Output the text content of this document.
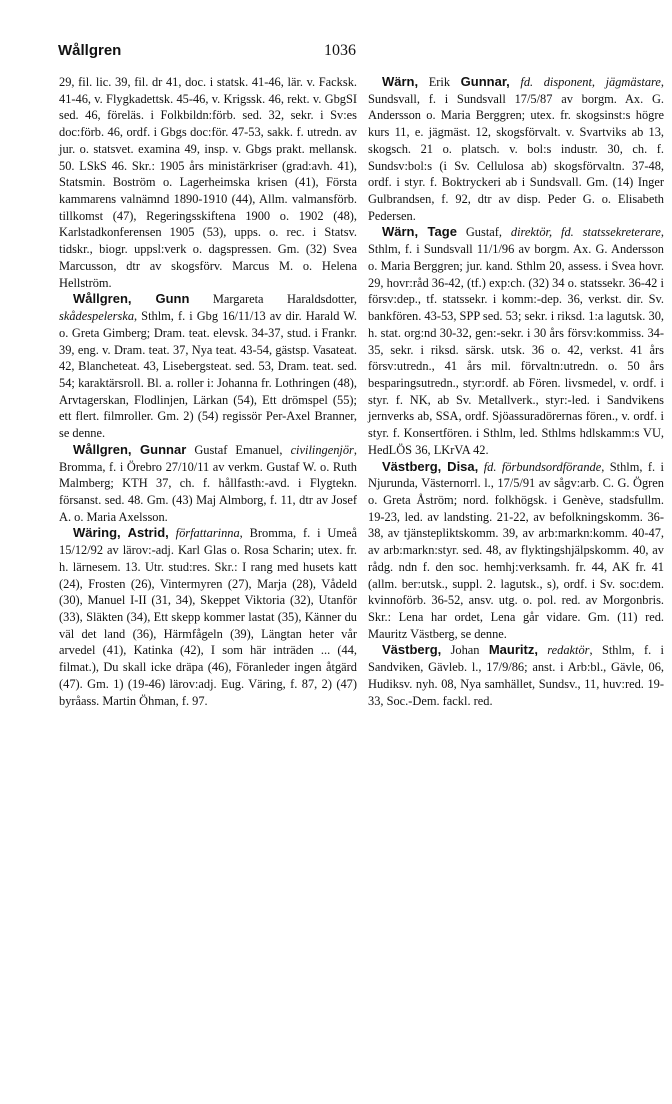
Wållgren	1036

29, fil. lic. 39, fil. dr 41, doc. i statsk. 41-46, lär. v. Facksk. 41-46, v. Flygkadettsk. 45-46, v. Krigssk. 46, rekt. v. GbgSI sed. 46, föreläs. i Folkbildn:förb. sed. 32, sekr. i Sv:es doc:förb. 46, ordf. i Gbgs doc:för. 47-53, sakk. f. utredn. av jur. o. statsvet. examina 49, insp. v. Gbgs prakt. mellansk. 50. LSkS 46. Skr.: 1905 års ministärkriser (grad:avh. 41), Statsmin. Boström o. Lagerheimska krisen (41), Första kammarens valnämnd 1890-1910 (44), Allm. valmansförb. tillkomst (47), Regeringsskiftena 1900 o. 1902 (48), Karlstadkonferensen 1905 (53), upps. o. rec. i Statsv. tidskr., biogr. uppsl:verk o. dagspressen. Gm. (32) Svea Marcusson, dtr av skogsförv. Marcus M. o. Helena Hellström.

Wållgren, Gunn Margareta Haraldsdotter, skådespelerska, Sthlm, f. i Gbg 16/11/13 av dir. Harald W. o. Greta Gimberg; Dram. teat. elevsk. 34-37, stud. i Frankr. 39, eng. v. Dram. teat. 37, Nya teat. 43-54, gästsp. Vasateat. 42, Blancheteat. 43, Lisebergsteat. sed. 53, Dram. teat. sed. 54; karaktärsroll. Bl. a. roller i: Johanna fr. Lothringen (48), Arvtagerskan, Flodlinjen, Lärkan (54), Ett drömspel (55); ett flert. filmroller. Gm. 2) (54) regissör Per-Axel Branner, se denne.

Wållgren, Gunnar Gustaf Emanuel, civilingenjör, Bromma, f. i Örebro 27/10/11 av verkm. Gustaf W. o. Ruth Malmberg; KTH 37, ch. f. hållfasth:-avd. i Flygtekn. försanst. sed. 48. Gm. (43) Maj Almborg, f. 11, dtr av Josef A. o. Maria Axelsson.

Wäring, Astrid, författarinna, Bromma, f. i Umeå 15/12/92 av lärov:-adj. Karl Glas o. Rosa Scharin; utex. fr. h. lärnesem. 13. Utr. stud:res. Skr.: I rang med husets katt (24), Frosten (26), Vintermyren (27), Marja (28), Vådeld (30), Manuel I-II (31, 34), Skeppet Viktoria (32), Utanför (33), Släkten (34), Ett skepp kommer lastat (35), Känner du väl det land (36), Härmfågeln (39), Längtan heter vår arvedel (41), Katinka (42), I som här inträden ... (44, filmat.), Du skall icke dräpa (46), Föranleder ingen åtgärd (47). Gm. 1) (19-46) lärov:adj. Eug. Väring, f. 87, 2) (47) byråass. Martin Öhman, f. 97.

Wärn, Erik Gunnar, fd. disponent, jägmästare, Sundsvall, f. i Sundsvall 17/5/87 av borgm. Ax. G. Andersson o. Maria Berggren; utex. fr. skogsinst:s högre kurs 11, e. jägmäst. 12, skogsförvalt. v. Svartviks ab 13, skogsch. 21 o. platsch. v. bol:s industr. 30, ch. f. Sundsv:bol:s (i Sv. Cellulosa ab) skogsförvaltn. 37-48, ordf. i styr. f. Boktryckeri ab i Sundsvall. Gm. (14) Inger Gulbrandsen, f. 92, dtr av disp. Peder G. o. Elisabeth Pedersen.

Wärn, Tage Gustaf, direktör, fd. statssekreterare, Sthlm, f. i Sundsvall 11/1/96 av borgm. Ax. G. Andersson o. Maria Berggren; jur. kand. Sthlm 20, assess. i Svea hovr. 29, hovr:råd 36-42, (tf.) exp:ch. (32) 34 o. statssekr. 36-42 i försv:dep., tf. statssekr. i komm:-dep. 36, verkst. dir. Sv. bankfören. 43-53, SPP sed. 53; sekr. i riksd. 1:a lagutsk. 30, h. stat. org:nd 30-32, gen:-sekr. i 30 års försv:kommiss. 34-35, sekr. i riksd. särsk. utsk. 36 o. 42, verkst. 41 års försv:utredn., 41 års mil. förvaltn:utredn. o. 50 års besparingsutredn., styr:ordf. ab Fören. livsmedel, v. ordf. i styr. f. NK, ab Sv. Metallverk., styr:-led. i Sandvikens jernverks ab, SSA, ordf. Sjöassuradörernas fören., v. ordf. i styr. f. Konsertfören. i Sthlm, led. Sthlms hdlskamm:s VU, HedLÖS 36, LKrVA 42.

Västberg, Disa, fd. förbundsordförande, Sthlm, f. i Njurunda, Västernorrl. l., 17/5/91 av sågv:arb. C. G. Ögren o. Greta Åström; nord. folkhögsk. i Genève, stadsfullm. 19-23, led. av landsting. 21-22, av befolkningskomm. 36-38, av tjänstepliktskomm. 39, av arb:markn:komm. 40-47, av arb:markn:styr. sed. 48, av flyktingshjälpskomm. 40, av rådg. ndn f. den soc. hemhj:verksamh. fr. 44, AK fr. 41 (allm. ber:utsk., suppl. 2. lagutsk., s), ordf. i Sv. soc:dem. kvinnoförb. 36-52, ansv. utg. o. pol. red. av Morgonbris. Skr.: Lena har ordet, Lena går vidare. Gm. (11) red. Mauritz Västberg, se denne.

Västberg, Johan Mauritz, redaktör, Sthlm, f. i Sandviken, Gävleb. l., 17/9/86; anst. i Arb:bl., Gävle, 06, Hudiksv. nyh. 08, Nya samhället, Sundsv., 11, huv:red. 19-33, Soc.-Dem. fackl. red.
